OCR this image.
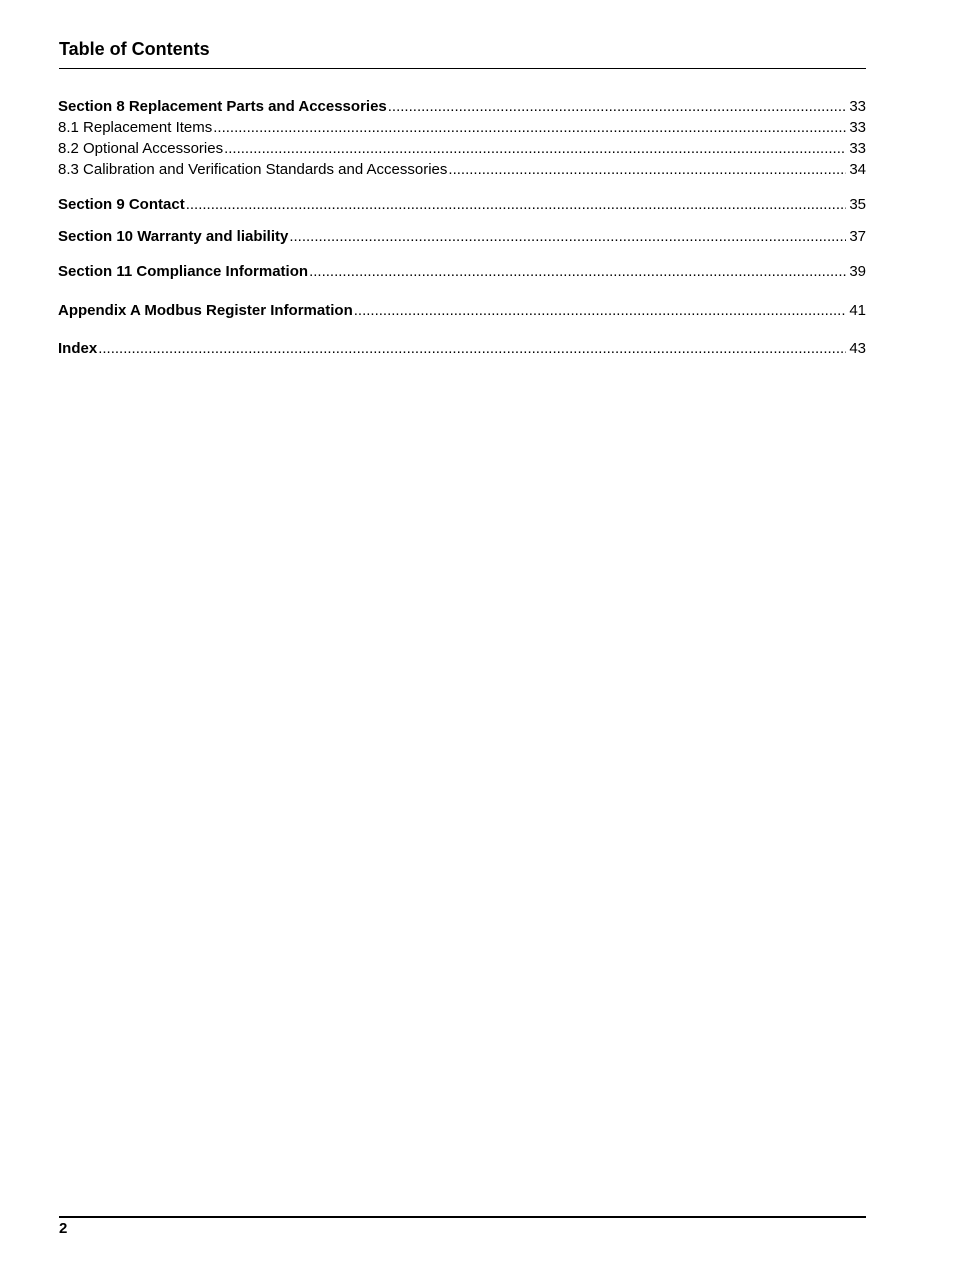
Table of Contents
Section 8 Replacement Parts and Accessories .....	33
8.1 Replacement Items .....	33
8.2 Optional Accessories .....	33
8.3 Calibration and Verification Standards and Accessories .....	34
Section 9 Contact .....	35
Section 10 Warranty and liability .....	37
Section 11 Compliance Information .....	39
Appendix A Modbus Register Information .....	41
Index .....	43
2
